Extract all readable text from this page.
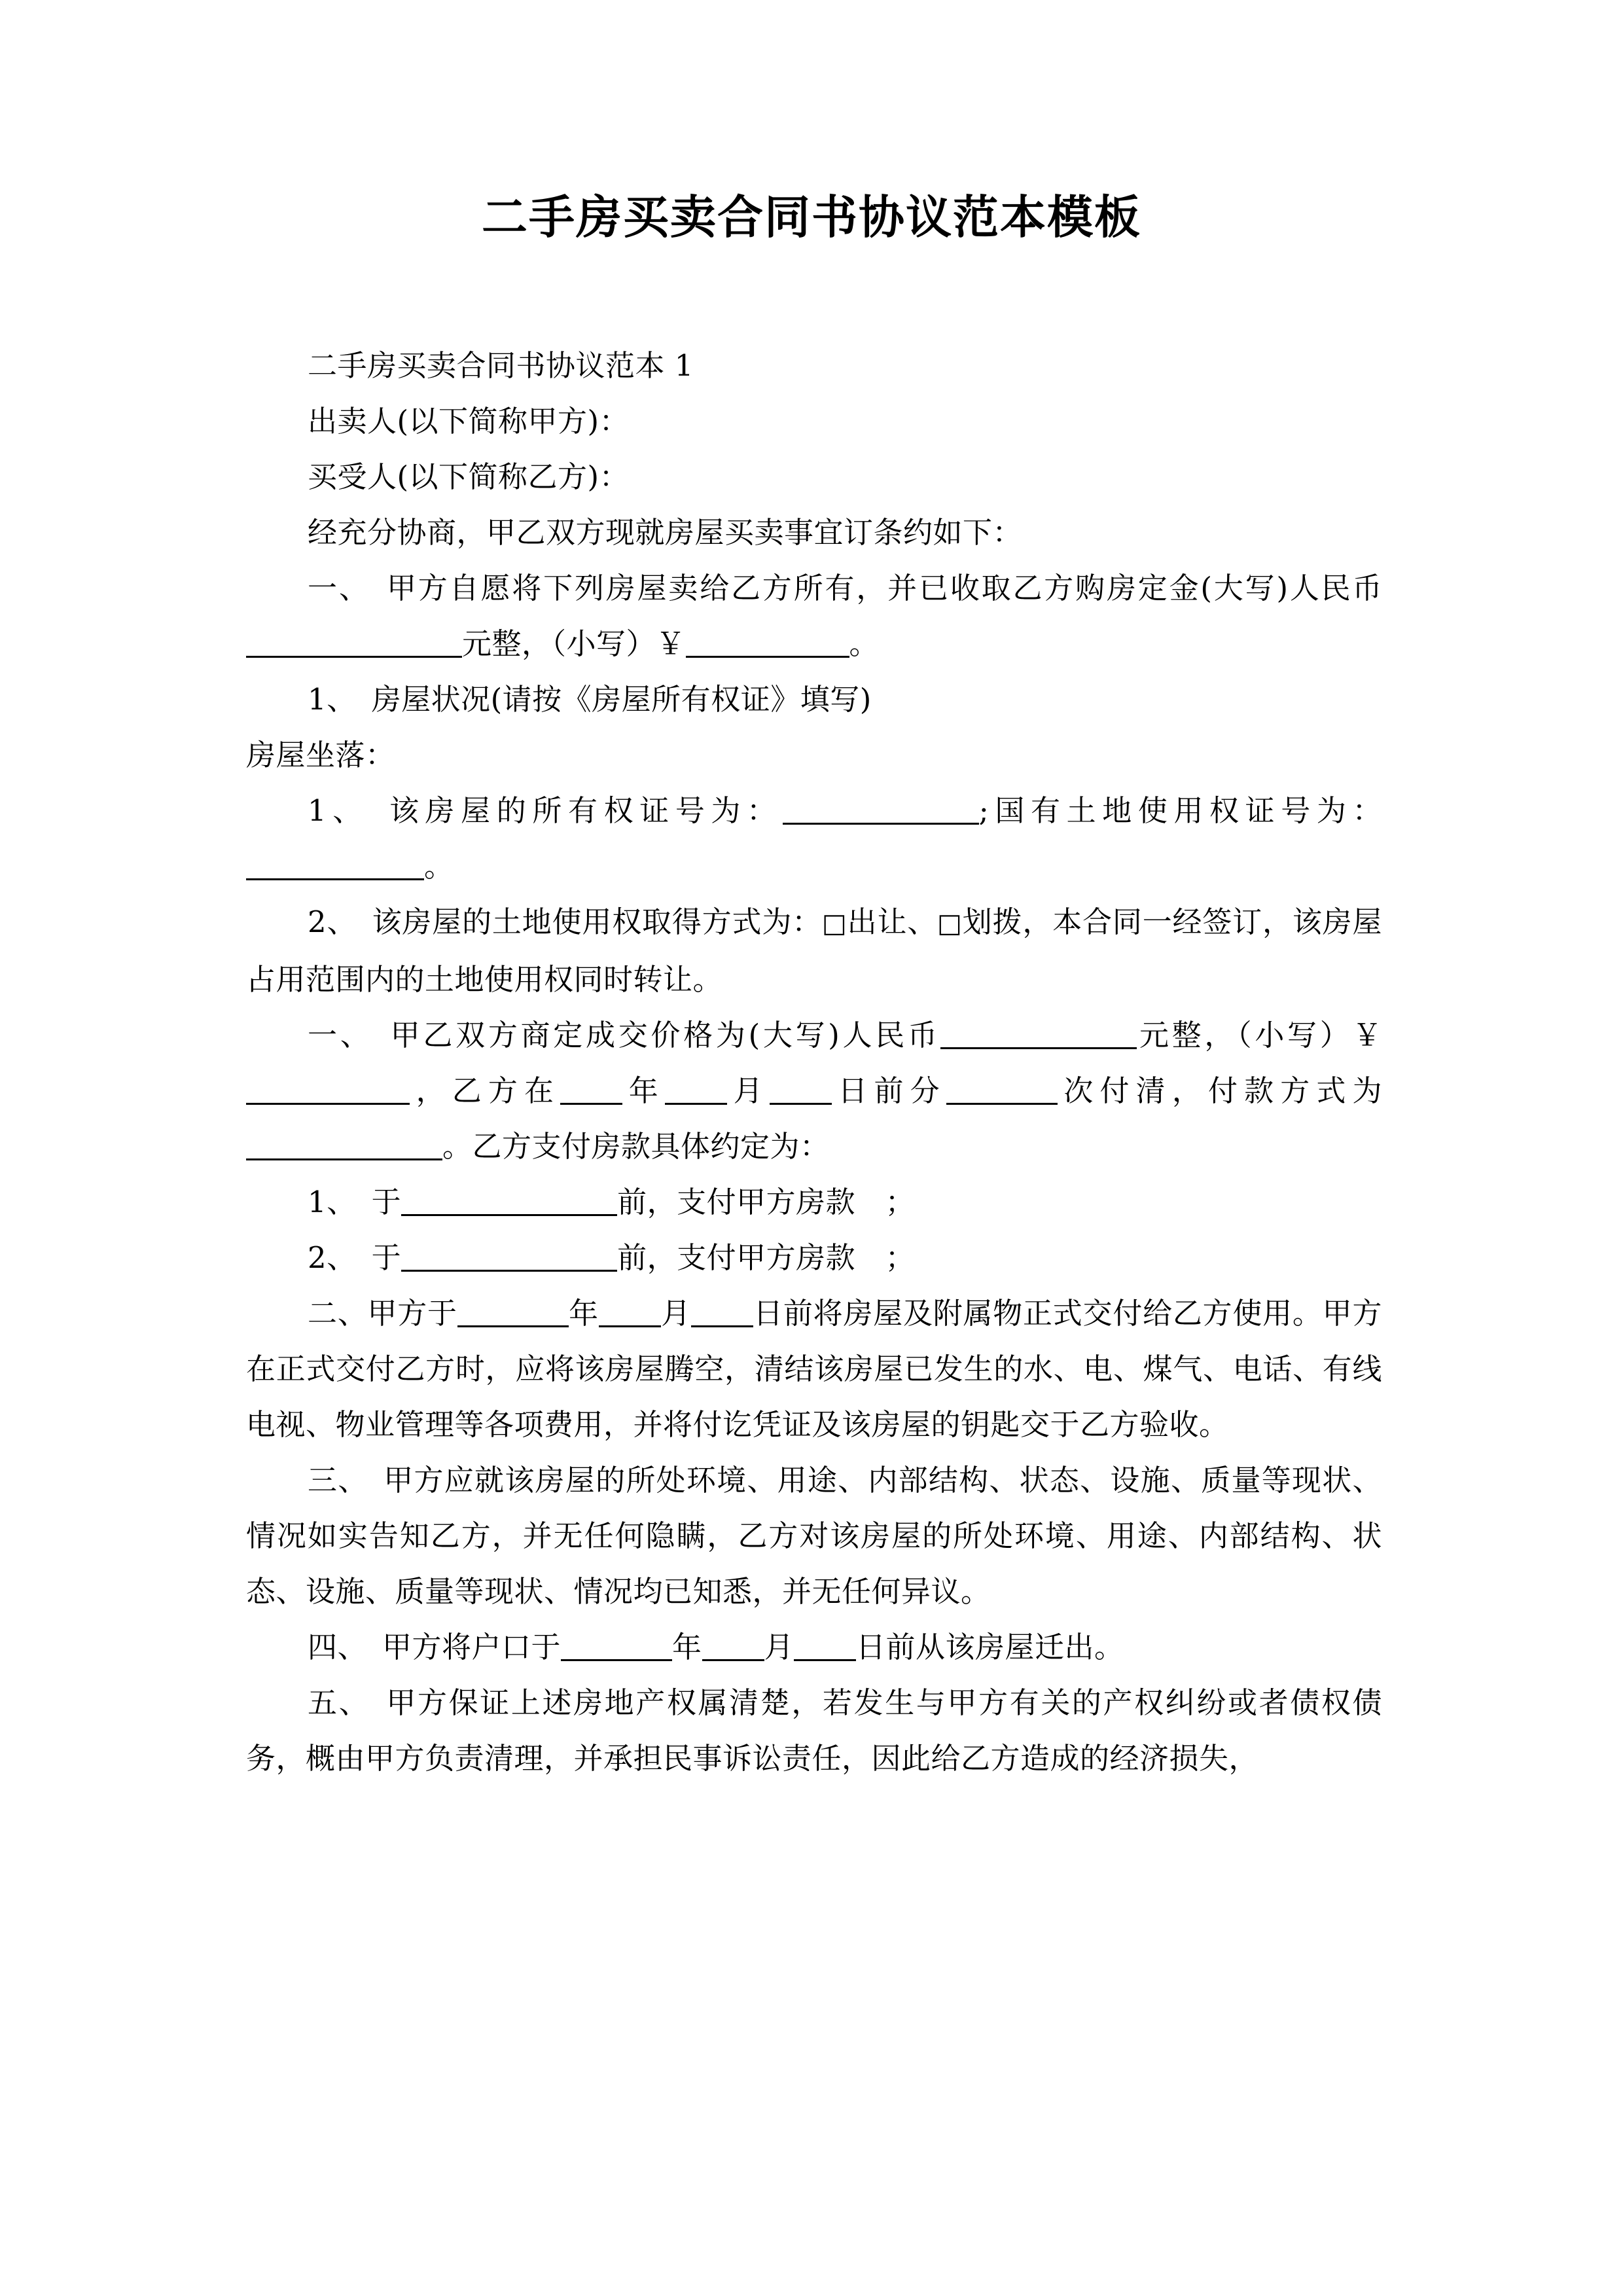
二手房买卖合同书协议范本模板

二手房买卖合同书协议范本 1

出卖人(以下简称甲方)：

买受人(以下简称乙方)：

经充分协商，甲乙双方现就房屋买卖事宜订条约如下：

一、　甲方自愿将下列房屋卖给乙方所有，并已收取乙方购房定金(大写)人民币元整，（小写）￥	。

1、　房屋状况(请按《房屋所有权证》填写)

房屋坐落：

1、　该房屋的所有权证号为：	;国有土地使用权证号为：。

2、　该房屋的土地使用权取得方式为：□出让、□划拨，本合同一经签订，该房屋占用范围内的土地使用权同时转让。

一、　甲乙双方商定成交价格为(大写)人民币	元整，（小写）￥，乙方在 年 月 日前分	次付清，付款方式为。乙方支付房款具体约定为：

1、　于	前，支付甲方房款　；

2、　于	前，支付甲方房款　；

二、甲方于	年 月 日前将房屋及附属物正式交付给乙方使用。甲方在正式交付乙方时，应将该房屋腾空，清结该房屋已发生的水、电、煤气、电话、有线电视、物业管理等各项费用，并将付讫凭证及该房屋的钥匙交于乙方验收。

三、　甲方应就该房屋的所处环境、用途、内部结构、状态、设施、质量等现状、情况如实告知乙方，并无任何隐瞒，乙方对该房屋的所处环境、用途、内部结构、状态、设施、质量等现状、情况均已知悉，并无任何异议。

四、　甲方将户口于	年 月 日前从该房屋迁出。

五、　甲方保证上述房地产权属清楚，若发生与甲方有关的产权纠纷或者债权债务，概由甲方负责清理，并承担民事诉讼责任，因此给乙方造成的经济损失，
